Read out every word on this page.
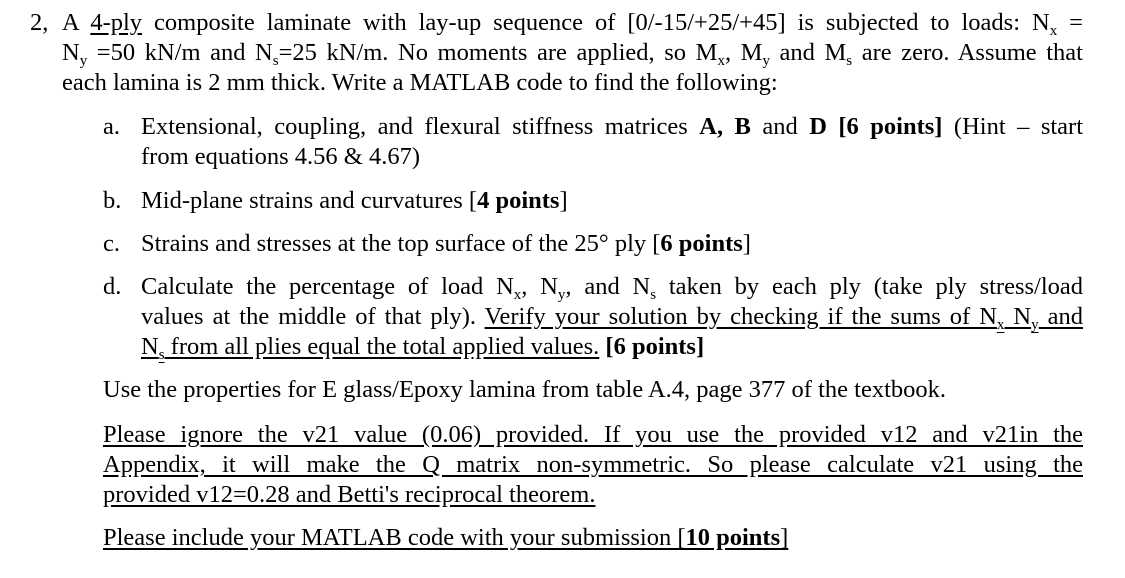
2, A 4-ply composite laminate with lay-up sequence of [0/-15/+25/+45] is subjected to loads: $N_x$ =
$N_y =50$ kN/m and $N_s=25$ kN/m. No moments are applied, so $M_x$, $M_y$ and $M_s$ are zero. Assume that
each lamina is 2 mm thick. Write a MATLAB code to find the following:
a. Extensional, coupling, and flexural stiffness matrices A, B and D [6 points] (Hint – start
from equations 4.56 & 4.67)
b. Mid-plane strains and curvatures [4 points]
c. Strains and stresses at the top surface of the 25° ply [6 points]
d. Calculate the percentage of load $N_x$, $N_y$, and $N_s$ taken by each ply (take ply stress/load
values at the middle of that ply). Verify your solution by checking if the sums of $N_x$ $N_y$ and
$N_s$ from all plies equal the total applied values. [6 points]
Use the properties for E glass/Epoxy lamina from table A.4, page 377 of the textbook.
Please ignore the v21 value (0.06) provided. If you use the provided v12 and v21in the
Appendix, it will make the Q matrix non-symmetric. So please calculate v21 using the
provided v12=0.28 and Betti's reciprocal theorem.
Please include your MATLAB code with your submission [10 points]
